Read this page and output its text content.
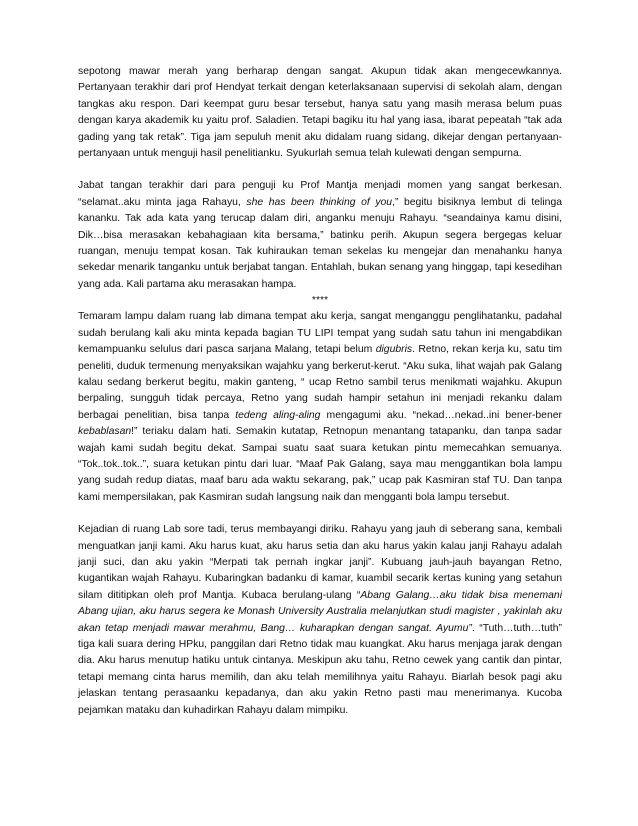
sepotong mawar merah yang berharap dengan sangat. Akupun tidak akan mengecewkannya. Pertanyaan terakhir dari prof Hendyat terkait dengan keterlaksanaan supervisi di sekolah alam, dengan tangkas aku respon. Dari keempat guru besar tersebut, hanya satu yang masih merasa belum puas dengan karya akademik ku yaitu prof. Saladien. Tetapi bagiku itu hal yang iasa, ibarat pepeatah “tak ada gading yang tak retak”. Tiga jam sepuluh menit aku didalam ruang sidang, dikejar dengan pertanyaan-pertanyaan untuk menguji hasil penelitianku. Syukurlah semua telah kulewati dengan sempurna.

Jabat tangan terakhir dari para penguji ku Prof Mantja menjadi momen yang sangat berkesan. “selamat..aku minta jaga Rahayu, she has been thinking of you,” begitu bisiknya lembut di telinga kananku. Tak ada kata yang terucap dalam diri, anganku menuju Rahayu. “seandainya kamu disini, Dik…bisa merasakan kebahagiaan kita bersama,” batinku perih. Akupun segera bergegas keluar ruangan, menuju tempat kosan. Tak kuhiraukan teman sekelas ku mengejar dan menahanku hanya sekedar menarik tanganku untuk berjabat tangan. Entahlah, bukan senang yang hinggap, tapi kesedihan yang ada. Kali partama aku merasakan hampa.

****

Temaram lampu dalam ruang lab dimana tempat aku kerja, sangat menganggu penglihatanku, padahal sudah berulang kali aku minta kepada bagian TU LIPI tempat yang sudah satu tahun ini mengabdikan kemampuanku selulus dari pasca sarjana Malang, tetapi belum digubris. Retno, rekan kerja ku, satu tim peneliti, duduk termenung menyaksikan wajahku yang berkerut-kerut. “Aku suka, lihat wajah pak Galang kalau sedang berkerut begitu, makin ganteng, “ ucap Retno sambil terus menikmati wajahku. Akupun berpaling, sungguh tidak percaya, Retno yang sudah hampir setahun ini menjadi rekanku dalam berbagai penelitian, bisa tanpa tedeng aling-aling mengagumi aku. “nekad…nekad..ini bener-bener kebablasan!” teriaku dalam hati. Semakin kutatap, Retnopun menantang tatapanku, dan tanpa sadar wajah kami sudah begitu dekat. Sampai suatu saat suara ketukan pintu memecahkan semuanya. “Tok..tok..tok..”, suara ketukan pintu dari luar. “Maaf Pak Galang, saya mau menggantikan bola lampu yang sudah redup diatas, maaf baru ada waktu sekarang, pak,” ucap pak Kasmiran staf TU. Dan tanpa kami mempersilakan, pak Kasmiran sudah langsung naik dan mengganti bola lampu tersebut.

Kejadian di ruang Lab sore tadi, terus membayangi diriku. Rahayu yang jauh di seberang sana, kembali menguatkan janji kami. Aku harus kuat, aku harus setia dan aku harus yakin kalau janji Rahayu adalah janji suci, dan aku yakin “Merpati tak pernah ingkar janji”. Kubuang jauh-jauh bayangan Retno, kugantikan wajah Rahayu. Kubaringkan badanku di kamar, kuambil secarik kertas kuning yang setahun silam dititipkan oleh prof Mantja. Kubaca berulang-ulang “Abang Galang…aku tidak bisa menemani Abang ujian, aku harus segera ke Monash University Australia melanjutkan studi magister , yakinlah aku akan tetap menjadi mawar merahmu, Bang… kuharapkan dengan sangat. Ayumu”. “Tuth…tuth…tuth” tiga kali suara dering HPku, panggilan dari Retno tidak mau kuangkat. Aku harus menjaga jarak dengan dia. Aku harus menutup hatiku untuk cintanya. Meskipun aku tahu, Retno cewek yang cantik dan pintar, tetapi memang cinta harus memilih, dan aku telah memilihnya yaitu Rahayu. Biarlah besok pagi aku jelaskan tentang perasaanku kepadanya, dan aku yakin Retno pasti mau menerimanya. Kucoba pejamkan mataku dan kuhadirkan Rahayu dalam mimpiku.
